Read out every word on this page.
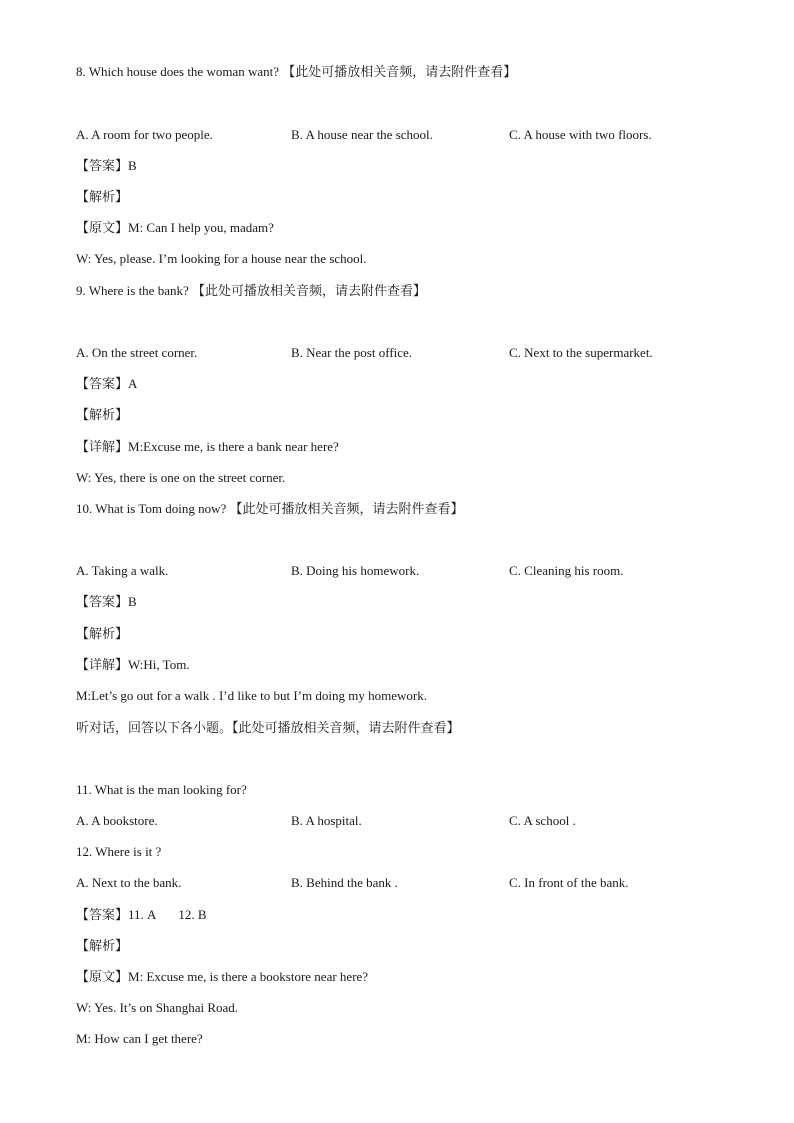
8. Which house does the woman want? 【此处可播放相关音频，请去附件查看】
A. A room for two people.	B. A house near the school.	C. A house with two floors.
【答案】B
【解析】
【原文】M: Can I help you, madam?
W: Yes, please. I’m looking for a house near the school.
9. Where is the bank? 【此处可播放相关音频，请去附件查看】
A. On the street corner.	B. Near the post office.	C. Next to the supermarket.
【答案】A
【解析】
【详解】M:Excuse me, is there a bank near here?
W: Yes, there is one on the street corner.
10. What is Tom doing now? 【此处可播放相关音频，请去附件查看】
A. Taking a walk.	B. Doing his homework.	C. Cleaning his room.
【答案】B
【解析】
【详解】W:Hi, Tom.
M:Let’s go out for a walk . I’d like to but I’m doing my homework.
听对话，回答以下各小题。【此处可播放相关音频，请去附件查看】
11. What is the man looking for?
A. A bookstore.	B. A hospital.	C. A school .
12. Where is it ?
A. Next to the bank.	B. Behind the bank .	C. In front of the bank.
【答案】11. A 12. B
【解析】
【原文】M: Excuse me, is there a bookstore near here?
W: Yes. It’s on Shanghai Road.
M: How can I get there?
